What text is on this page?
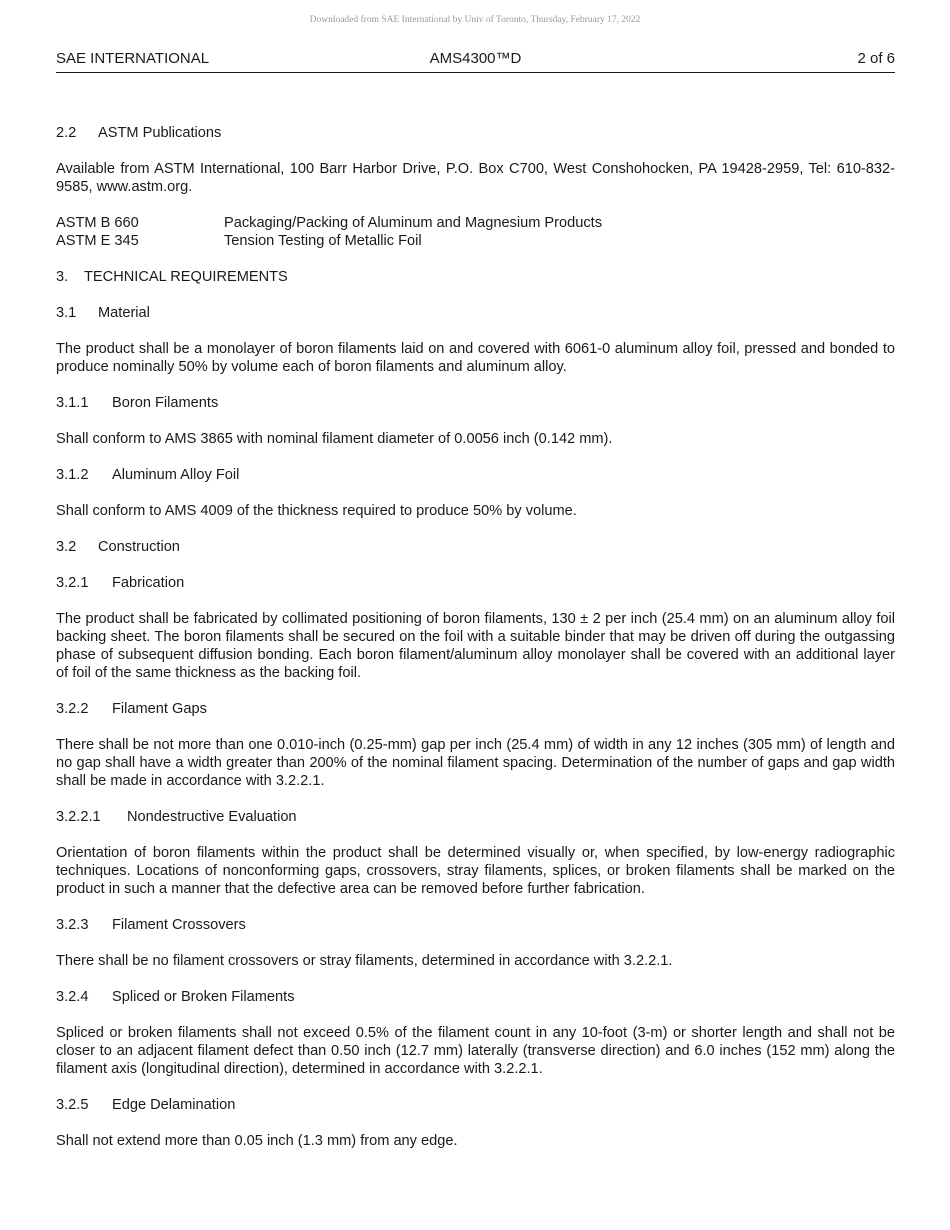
Downloaded from SAE International by Univ of Toronto, Thursday, February 17, 2022
SAE INTERNATIONAL	AMS4300™D	2 of 6

2.2 ASTM Publications

Available from ASTM International, 100 Barr Harbor Drive, P.O. Box C700, West Conshohocken, PA 19428-2959, Tel: 610-832-9585, www.astm.org.

ASTM B 660	Packaging/Packing of Aluminum and Magnesium Products
ASTM E 345	Tension Testing of Metallic Foil

3. TECHNICAL REQUIREMENTS

3.1 Material

The product shall be a monolayer of boron filaments laid on and covered with 6061-0 aluminum alloy foil, pressed and bonded to produce nominally 50% by volume each of boron filaments and aluminum alloy.

3.1.1 Boron Filaments

Shall conform to AMS 3865 with nominal filament diameter of 0.0056 inch (0.142 mm).

3.1.2 Aluminum Alloy Foil

Shall conform to AMS 4009 of the thickness required to produce 50% by volume.

3.2 Construction

3.2.1 Fabrication

The product shall be fabricated by collimated positioning of boron filaments, 130 ± 2 per inch (25.4 mm) on an aluminum alloy foil backing sheet. The boron filaments shall be secured on the foil with a suitable binder that may be driven off during the outgassing phase of subsequent diffusion bonding. Each boron filament/aluminum alloy monolayer shall be covered with an additional layer of foil of the same thickness as the backing foil.

3.2.2 Filament Gaps

There shall be not more than one 0.010-inch (0.25-mm) gap per inch (25.4 mm) of width in any 12 inches (305 mm) of length and no gap shall have a width greater than 200% of the nominal filament spacing. Determination of the number of gaps and gap width shall be made in accordance with 3.2.2.1.

3.2.2.1 Nondestructive Evaluation

Orientation of boron filaments within the product shall be determined visually or, when specified, by low-energy radiographic techniques. Locations of nonconforming gaps, crossovers, stray filaments, splices, or broken filaments shall be marked on the product in such a manner that the defective area can be removed before further fabrication.

3.2.3 Filament Crossovers

There shall be no filament crossovers or stray filaments, determined in accordance with 3.2.2.1.

3.2.4 Spliced or Broken Filaments

Spliced or broken filaments shall not exceed 0.5% of the filament count in any 10-foot (3-m) or shorter length and shall not be closer to an adjacent filament defect than 0.50 inch (12.7 mm) laterally (transverse direction) and 6.0 inches (152 mm) along the filament axis (longitudinal direction), determined in accordance with 3.2.2.1.

3.2.5 Edge Delamination

Shall not extend more than 0.05 inch (1.3 mm) from any edge.
